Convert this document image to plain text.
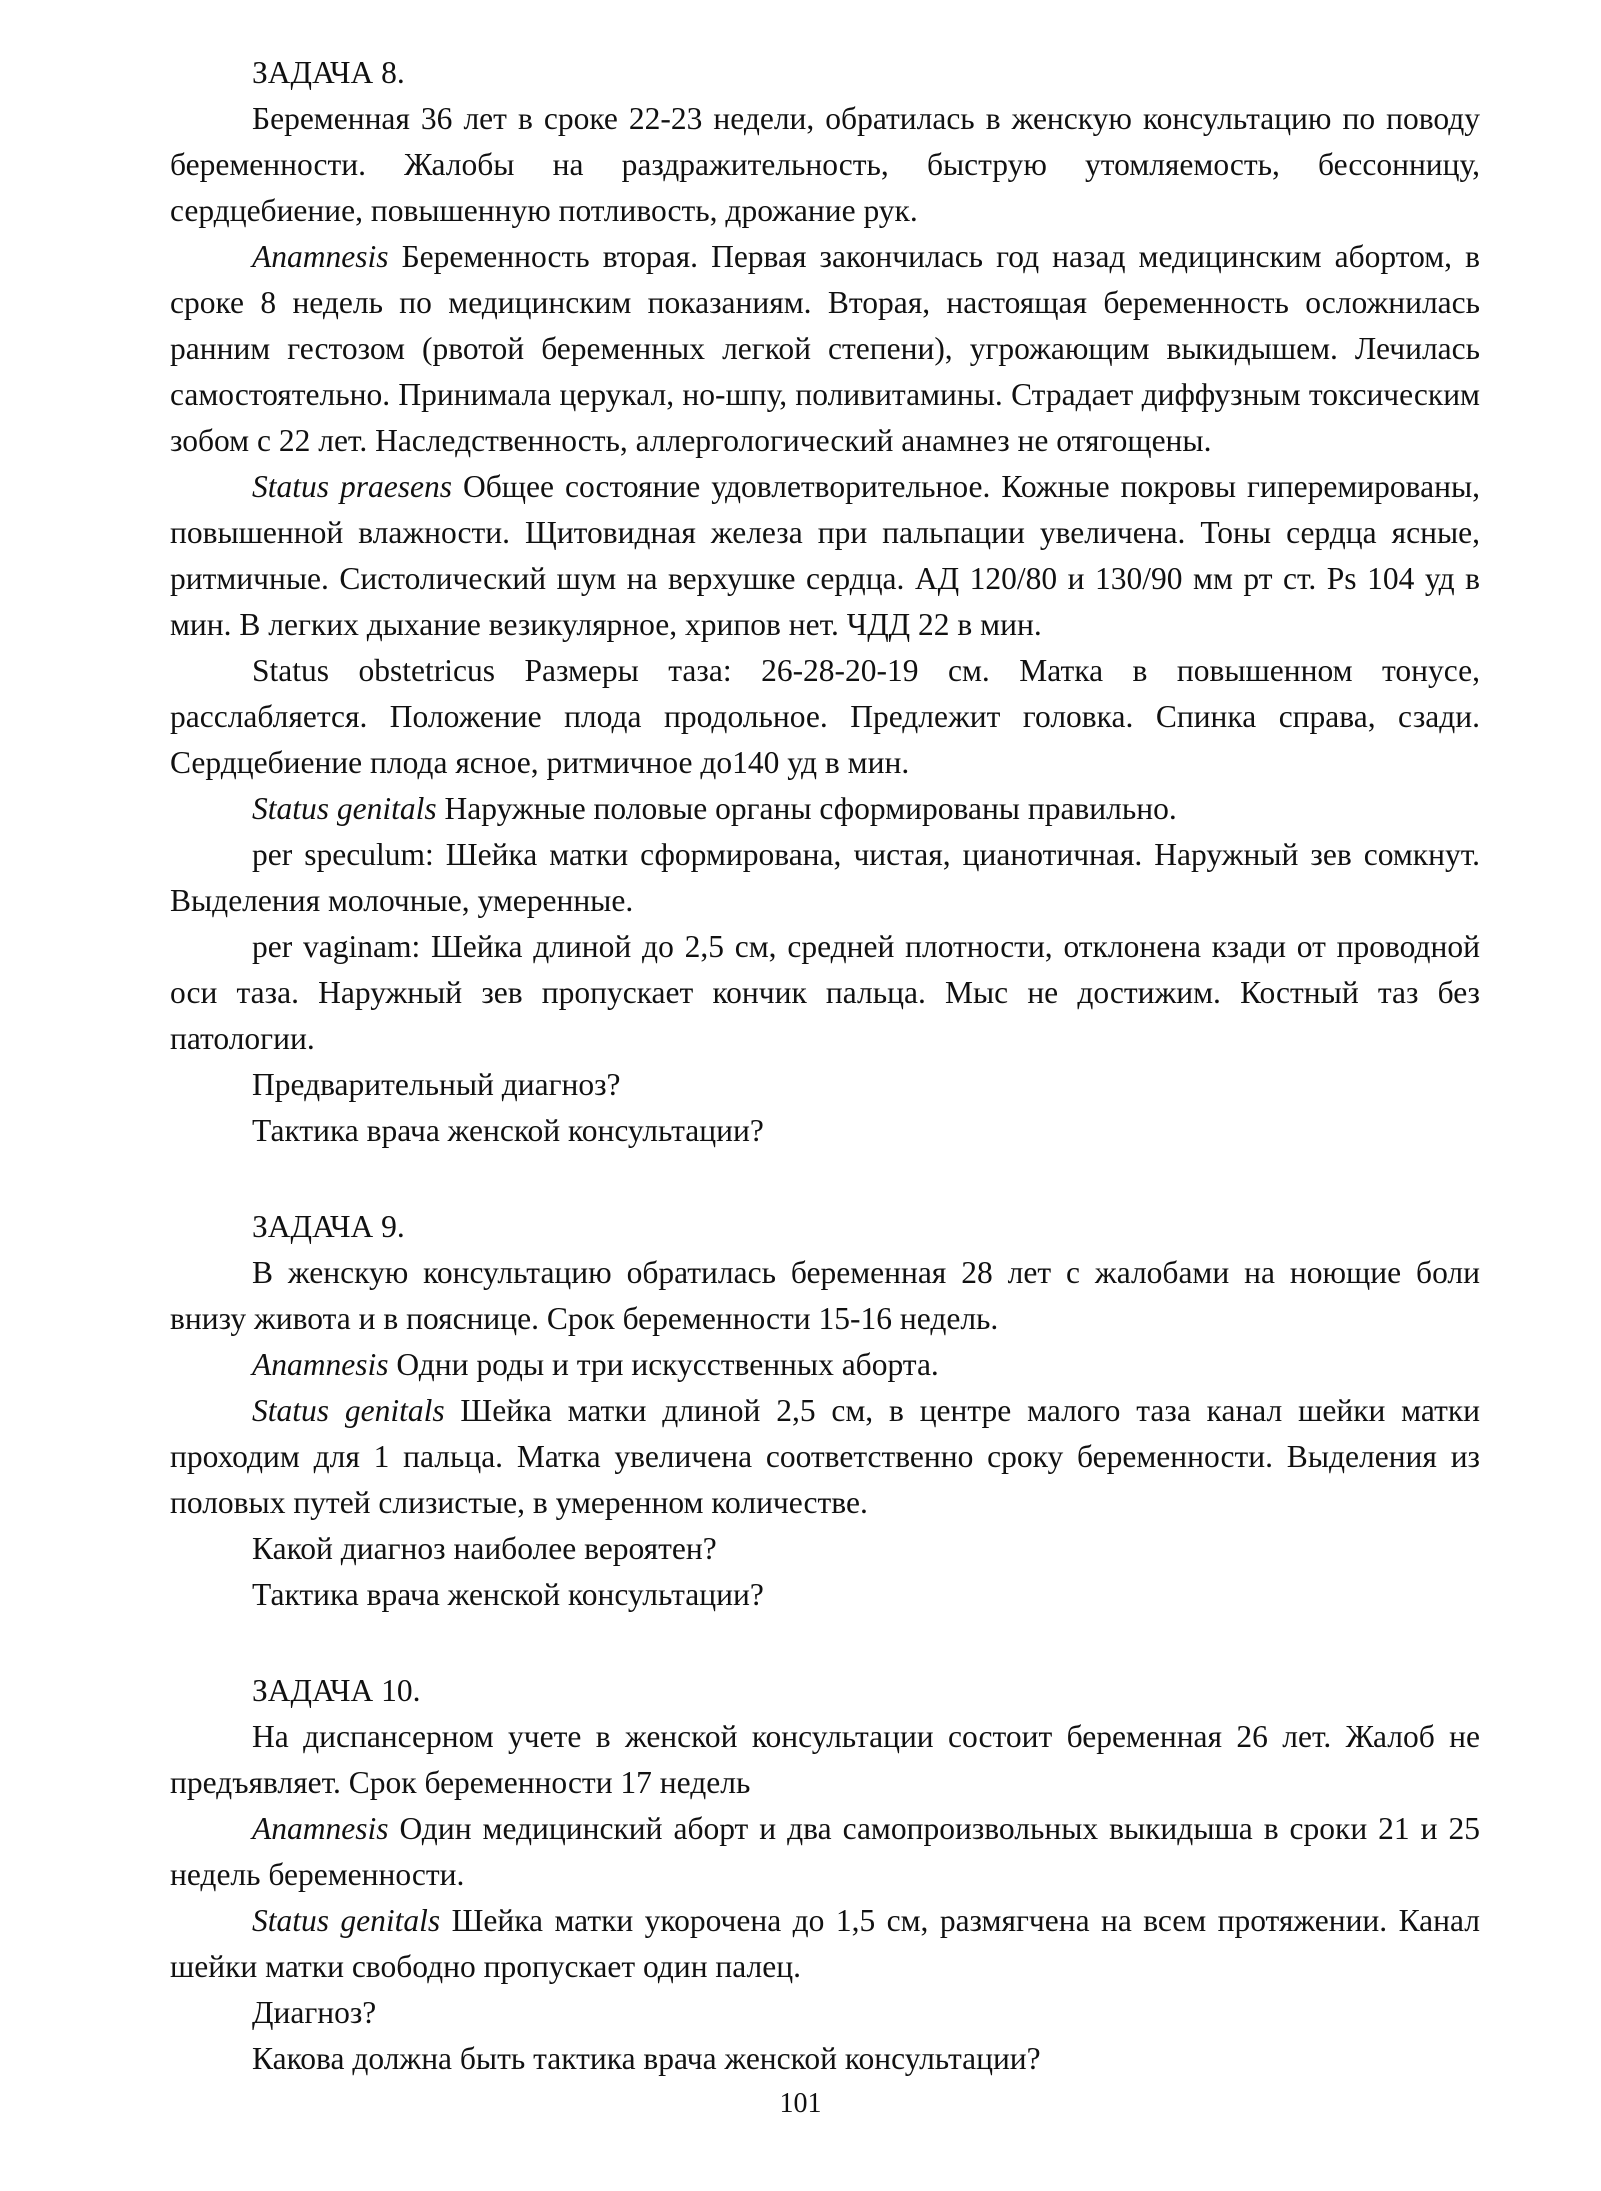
ЗАДАЧА 8.

Беременная 36 лет в сроке 22-23 недели, обратилась в женскую консультацию по поводу беременности. Жалобы на раздражительность, быструю утомляемость, бессонницу, сердцебиение, повышенную потливость, дрожание рук.

Anamnesis Беременность вторая. Первая закончилась год назад медицинским абортом, в сроке 8 недель по медицинским показаниям. Вторая, настоящая беременность осложнилась ранним гестозом (рвотой беременных легкой степени), угрожающим выкидышем. Лечилась самостоятельно. Принимала церукал, но-шпу, поливитамины. Страдает диффузным токсическим зобом с 22 лет. Наследственность, аллергологический анамнез не отягощены.

Status praesens Общее состояние удовлетворительное. Кожные покровы гиперемированы, повышенной влажности. Щитовидная железа при пальпации увеличена. Тоны сердца ясные, ритмичные. Систолический шум на верхушке сердца. АД 120/80 и 130/90 мм рт ст. Ps 104 уд в мин. В легких дыхание везикулярное, хрипов нет. ЧДД 22 в мин.

Status obstetricus Размеры таза: 26-28-20-19 см. Матка в повышенном тонусе, расслабляется. Положение плода продольное. Предлежит головка. Спинка справа, сзади. Сердцебиение плода ясное, ритмичное до140 уд в мин.

Status genitals Наружные половые органы сформированы правильно.

per speculum: Шейка матки сформирована, чистая, цианотичная. Наружный зев сомкнут. Выделения молочные, умеренные.

per vaginam: Шейка длиной до 2,5 см, средней плотности, отклонена кзади от проводной оси таза. Наружный зев пропускает кончик пальца. Мыс не достижим. Костный таз без патологии.

Предварительный диагноз?

Тактика врача женской консультации?

ЗАДАЧА 9.

В женскую консультацию обратилась беременная 28 лет с жалобами на ноющие боли внизу живота и в пояснице. Срок беременности 15-16 недель.

Anamnesis Одни роды и три искусственных аборта.

Status genitals Шейка матки длиной 2,5 см, в центре малого таза канал шейки матки проходим для 1 пальца. Матка увеличена соответственно сроку беременности. Выделения из половых путей слизистые, в умеренном количестве.

Какой диагноз наиболее вероятен?

Тактика врача женской консультации?

ЗАДАЧА 10.

На диспансерном учете в женской консультации состоит беременная 26 лет. Жалоб не предъявляет. Срок беременности 17 недель

Anamnesis Один медицинский аборт и два самопроизвольных выкидыша в сроки 21 и 25 недель беременности.

Status genitals Шейка матки укорочена до 1,5 см, размягчена на всем протяжении. Канал шейки матки свободно пропускает один палец.

Диагноз?

Какова должна быть тактика врача женской консультации?

101
